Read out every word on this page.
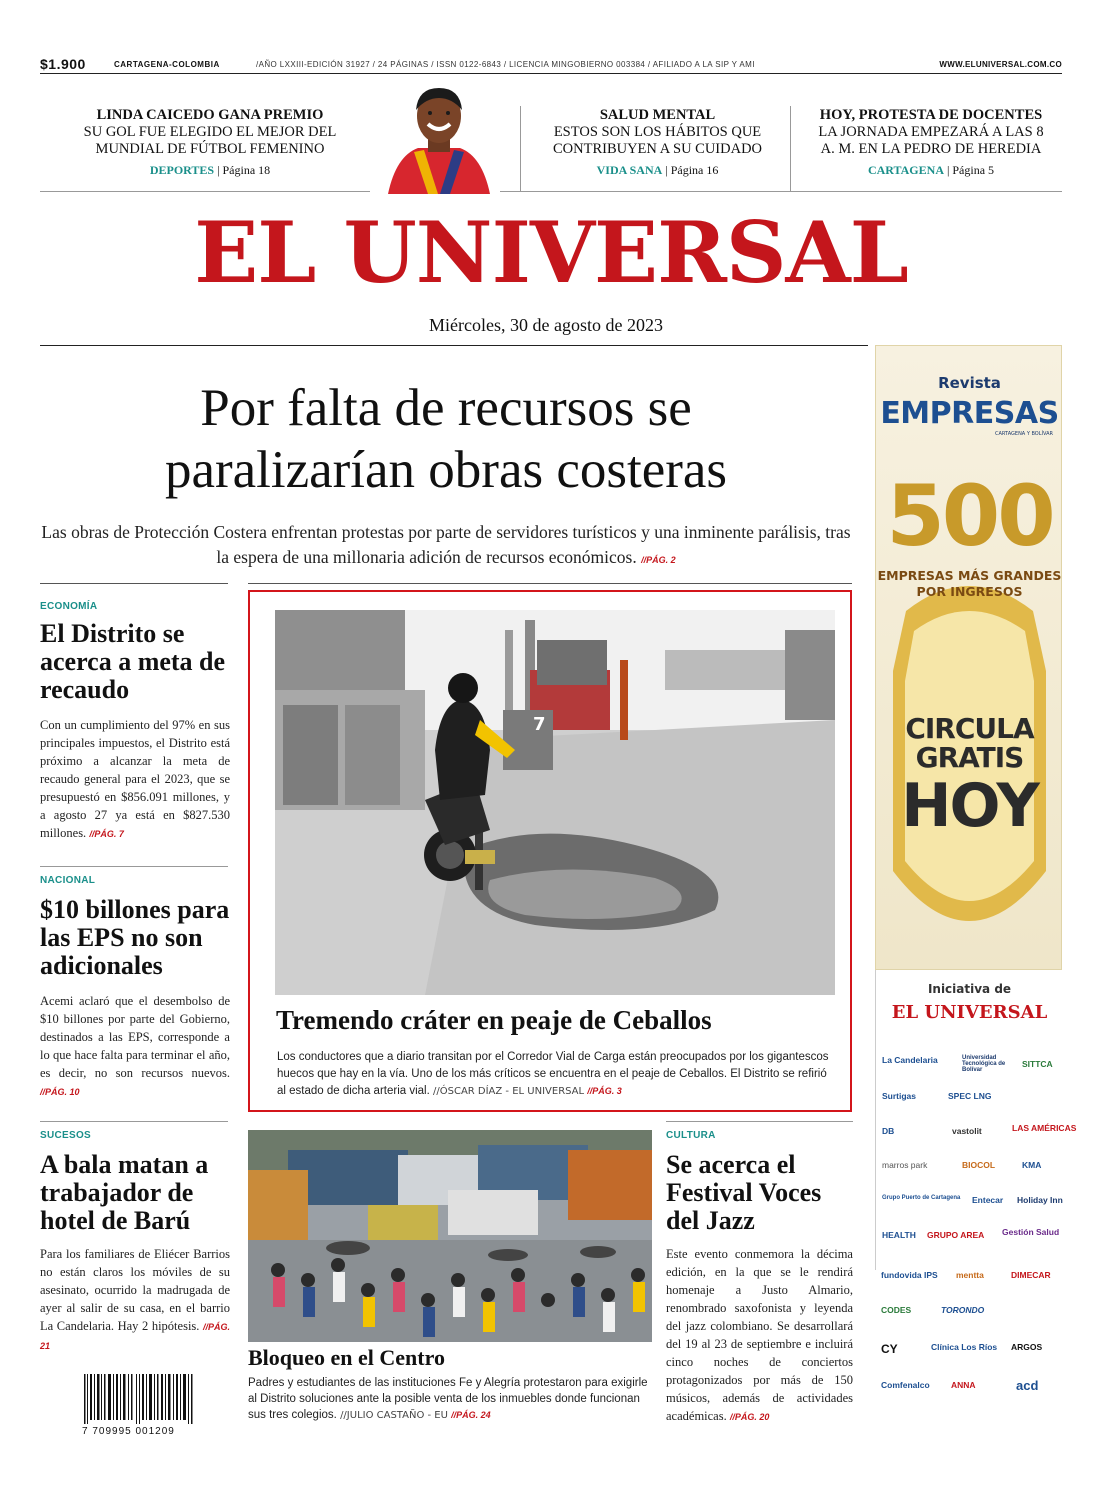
$1.900	CARTAGENA-COLOMBIA	/AÑO LXXIII-EDICIÓN 31927 / 24 PÁGINAS / ISSN 0122-6843 / LICENCIA MINGOBIERNO 003384 / AFILIADO A LA SIP Y AMI	WWW.ELUNIVERSAL.COM.CO
LINDA CAICEDO GANA PREMIO
SU GOL FUE ELEGIDO EL MEJOR DEL
MUNDIAL DE FÚTBOL FEMENINO
DEPORTES | Página 18
SALUD MENTAL
ESTOS SON LOS HÁBITOS QUE
CONTRIBUYEN A SU CUIDADO
VIDA SANA | Página 16
HOY, PROTESTA DE DOCENTES
LA JORNADA EMPEZARÁ A LAS 8
A. M. EN LA PEDRO DE HEREDIA
CARTAGENA | Página 5
EL UNIVERSAL
Miércoles, 30 de agosto de 2023
Por falta de recursos se
paralizarían obras costeras
Las obras de Protección Costera enfrentan protestas por parte de servidores turísticos y una inminente parálisis, tras la espera de una millonaria adición de recursos económicos. //PÁG. 2
ECONOMÍA
El Distrito se acerca a meta de recaudo
Con un cumplimiento del 97% en sus principales impuestos, el Distrito está próximo a alcanzar la meta de recaudo general para el 2023, que se presupuestó en $856.091 millones, y a agosto 27 ya está en $827.530 millones. //PÁG. 7
NACIONAL
$10 billones para las EPS no son adicionales
Acemi aclaró que el desembolso de $10 billones por parte del Gobierno, destinados a las EPS, corresponde a lo que hace falta para terminar el año, es decir, no son recursos nuevos. //PÁG. 10
SUCESOS
A bala matan a trabajador de hotel de Barú
Para los familiares de Eliécer Barrios no están claros los móviles de su asesinato, ocurrido la madrugada de ayer al salir de su casa, en el barrio La Candelaria. Hay 2 hipótesis. //PÁG. 21
7 709995 001209
7
Tremendo cráter en peaje de Ceballos
Los conductores que a diario transitan por el Corredor Vial de Carga están preocupados por los gigantescos huecos que hay en la vía. Uno de los más críticos se encuentra en el peaje de Ceballos. El Distrito se refirió al estado de dicha arteria vial. //ÓSCAR DÍAZ - EL UNIVERSAL //PÁG. 3
Bloqueo en el Centro
Padres y estudiantes de las instituciones Fe y Alegría protestaron para exigirle al Distrito soluciones ante la posible venta de los inmuebles donde funcionan sus tres colegios. //JULIO CASTAÑO - EU //PÁG. 24
CULTURA
Se acerca el Festival Voces del Jazz
Este evento conmemora la décima edición, en la que se le rendirá homenaje a Justo Almario, renombrado saxofonista y leyenda del jazz colombiano. Se desarrollará del 19 al 23 de septiembre e incluirá cinco noches de conciertos protagonizados por más de 150 músicos, además de actividades académicas. //PÁG. 20
Revista
EMPRESAS
CARTAGENA Y BOLÍVAR
500
EMPRESAS MÁS GRANDES
POR INGRESOS
CIRCULA
GRATIS
HOY
Iniciativa de
EL UNIVERSAL
La Candelaria	Universidad Tecnológica de Bolívar
SITTCA
Surtigas	SPEC LNG
DB	vastolit	LAS AMÉRICAS
marros park	BIOCOL	KMA
Grupo Puerto de Cartagena Entecar Holiday Inn
HEALTH GRUPO AREA Gestión Salud
fundovida IPS mentta	DIMECAR
CODES	TORONDO
CY	Clínica Los Ríos ARGOS
Comfenalco	ANNA	acd
